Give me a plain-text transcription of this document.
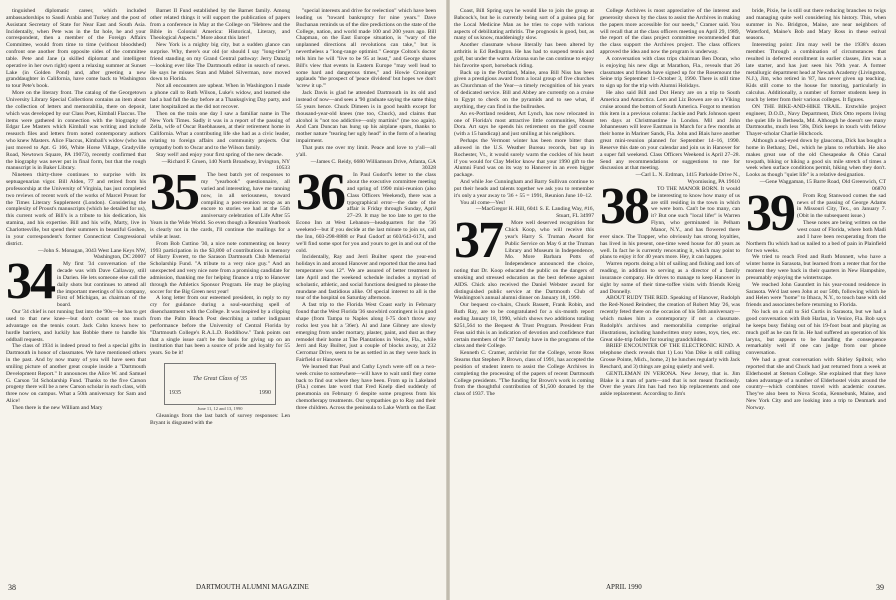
tinguished diplomatic career, which included ambassadorships to Saudi Arabia and Turkey and the post of Assistant Secretary of State for Near East and South Asia. Incidentally, when Pete was in the fat hole, he and your correspondent, then a member of the Foreign Affairs Committee, would from time to time (without bloodshed) confront one another from opposite sides of the committee table. Pete and Jane (a skilled diplomat and intelligent operative in her own right) spent a relaxing summer at Sunset Lake (in Golden Pond) and, after greeting a new granddaughter in California, have come back to Washington to tour Pete's book.

More on the literary front. The catalog of the Georgetown University Library Special Collections contains an item about the collection of letters and memorabilia, there on deposit, which was developed by our Class Poet, Kimball Flaccus. The items were gathered in connection with the biography of Edgar Lee Masters which Kimball was writing and include research files and letters from noted contemporary authors who knew Masters. Alice Flaccus, Kimball's widow (who has just moved to Apt. G 166, White Horse Village, Gradyville Road, Newtown Square, PA 19073), recently confirmed that the biography was never put in final form, but that the rough manuscript is in Baker Library.

Nineteen thirty-three continues to surprise with its septuagenarian vigor. Bill Alden, 77 and retired from his professorship at the University of Virginia, has just completed two reviews of recent work of the works of Marcel Proust for the Times Literary Supplement (London). Considering the complexity of Proust's manuscripts (which he detailed for us), this current work of Bill's is a tribute to his dedication, his stamina, and his expertise. Bill and his wife, Marty, live in Charlottesville, but spend their summers in beautiful Goshen, in your correspondent's former Connecticut Congressional district.

—John S. Monagan, 3043 West Lane Keys NW, Washington, DC 20007

34	My first '34 conversation of the decade was with Dave Callaway, still in Darien. He lets someone else call the daily shots but continues to attend all the important meetings of his company, First of Michigan, as chairman of the board.

Our '34 chief is not running fast into the '90s—he has to get used to that new knee—but don't count on too much advantage on the tennis court. Jack Cohn knows how to hurdle barriers, and luckily has Bobbie there to handle his oddball requests.

The class of 1934 is indeed proud to feel a special gifts in Dartmouth in honor of classmates. We have mentioned others in the past. And by now many of you will have seen that smiling picture of another great couple inside a "Dartmouth Development Report." It announces the Alice W. and Samuel G. Carson '34 Scholarship Fund. Thanks to the five Carson progeny there will be a new Carson scholar in each class, with three now on campus. What a 50th anniversary for Sam and Alice!

Then there is the new William and Mary

Barnet II Fund established by the Barnet family. Among other related things it will support the publication of papers from a conference in May at the College on "Hebrew and the Bible in Colonial America: Historical, Literary, and Theological Aspects." More about this later!

New York is a mighty big city, but a sudden glance can surprise. Why, there's our old (or should I say "long-time") friend standing on my Grand Central pathway: Jerry Danzig—looking ever like The Dartmouth editor in search of news. He says he misses Stan and Mabel Silverman, now moved down to Florida.

Not all encounters are upbeat. When in Washington I made a phone call to Ruth Wilson, Luke's widow, and learned she had a bad fall the day before at a Thanksgiving Day party, and later hospitalized as the did not recover.

Then on the train one day I saw a familiar name in The New York Times. Sadly it was in a report of the passing of Zella, wife of Oscar Ruebhausen, at their retirement home in California. What a contributing life she had as a civic leader, relating to foreign affairs and community projects. Our sympathy both to Oscar and to the Wilson family.

Stay well! and enjoy your first spring of the new decade.

—Richard F. Gruen, 140 North Broadway, Irvington, NY 10533

35	The best batch yet of responses to my "yearbook" questionnaire, all varied and interesting, have me tanning now, in all seriousness, toward compiling a post-reunion recap as an encore to stories we had at the 55th anniversary celebration of Life After 55 Years in the Wide World. So even though a Reunion Yearbook is clearly not in the cards, I'll continue the mailings for a while at least.

From Bob Cuttino '30, a nice note commenting on heavy 1993 participation in the $3,800 of contributions in memory of Harry Everett, to the Sarason Dartmouth Club Memorial Scholarship Fund. "A tribute to a very nice guy." And an unexpected and very nice note from a promising candidate for admission, thanking me for helping finance a trip to Hanover through the Athletics Sponsor Program. He may be playing soccer for the Big Green next year!

A long letter from our esteemed president, in reply to my cry for guidance during a soul-searching spell of disenchantment with the College. It was inspired by a clipping from the Palm Beach Post describing a rather indignant performance before the University of Central Florida by "Dartmouth College's R.A.L.D. Roddihow." Tank points out that a single issue can't be the basis for giving up on an institution that has been a source of pride and loyalty for 55 years. So be it!

The Great Class of '35
1935	1990
June 11, 12 and 13, 1990

Gleanings from the last batch of survey responses: Len Bryant is disgusted with the

"special interests and drive for reelection" which have been leading us "toward bankruptcy for nine years." Dave Buchanan reminds us of the dire predictions on the state of the College, nation, and world made 100 and 200 years ago. Bill Chapman, on the East Europe situation, is "wary of the unplanned directions all revolutions can take," but is nevertheless a "long-range optimist." George Colton's doctor tells him he will "live to be 95 at least," and George shares Bill's view that events in Eastern Europe "may well lead to some hard and dangerous times," and Howie Croninger applauds "the prospect of 'peace dividend' but hopes we don't 'screw it up.'"

Jack Davis is glad he attended Dartmouth in its old and instead of now—and sees a '90 graduate saying the same thing 55 years hence. Chuck Dimeen is in good health except for thousand-year-old knees (me too, Chuck), and claims that alcohol is "not too addictive—only martinis" (me too again). And Cam Duncan has hung up his airplane spurs, thanks to mother nature "tearing her ugly head" in the form of a hearing impairment.

That puts me over my limit. Peace and love to y'all—all y'all.

—James C. Reidy, 6680 Williamson Drive, Atlanta, GA 30328

36	In Paul Gudorf's letter to the class about the executive committee meeting and spring of 1990 mini-reunion (also Class Officers Weekend), there was a typographical error—the date of the affair is Friday through Sunday, April 27–29. It may be too late to get to the Econo Inn at West Lebanon—headquarters for the '36 weekend—but if you decide at the last minute to join us, call the Inn, 603-298-8888 or Paul Gudorf at 603/643-6174, and we'll find some spot for you and yours to get in and out of the cold.

Incidentally, Ray and Jerri Builter spent the year-end holidays in and around Hanover and reported that the area had temperature was 12°. We are assured of better treatment in late April and the weekend schedule includes a myriad of scholastic, athletic, and social functions designed to please the mundane and fastidious alike. Of special interest to all is the tour of the hospital on Saturday afternoon.

A fast trip to the Florida West Coast early in February found that the West Florida '36 snowbird contingent is in good shape (from Tampa to Naples along I-75 don't throw any rocks lest you hit a '36er). Al and Jane Gibney are slowly emerging from under mortary, plaster, paint, and dust as they remodel their home at The Plantations in Venice, Fla., while Jerri and Ray Builter, just a couple of blocks away, at 232 Cerromar Drive, seem to be as settled in as they were back in Fairfield or Hanover.

We learned that Paul and Cathy Lynch were off on a two-week cruise to somewhere—will have to wait until they come back to find out where they have been. From up in Lakeland (Fla.) comes late word that Fred Knelp died suddenly of pneumonia on February 6 despite some progress from his chemotherapy treatments. Our sympathies go to Ray and their three children. Across the peninsula to Lake Worth on the East

38	DARTMOUTH ALUMNI MAGAZINE

Coast, Bill Spring says he would like to join the group at Babcock's, but he is currently being sort of a guinea pig for the Local Medicine Man as he tries to cope with various aspects of debilitating arthritis. The prognosis is good, but, as many of us know, maddeningly slow.

Another classmate whose literally has been altered by arthritis is Ed Redington. He has had to suspend tennis and golf, but under the warm Arizona sun he can continue to enjoy his favorite sport, horseback riding.

Back up in the Portland, Maine, area Bill Niss has been given a prestigious award from a local group of five churches as Churchman of the Year—a timely recognition of his years of dedicated service. Bill and Abbey are currently on a cruise to Egypt to check on the pyramids and to see what, if anything, they can find in the bullrushes.

An ex-Portland resident, Art Lynch, has now relocated in one of Florida's most attractive little communities, Mount Dora. Art says he spends his retirement on the golf course (with a 15 handicap) and just smiling at his neighbors.

Perhaps the Vermont winter has been more bitter than allowed in the U.S. Weather Bureau records, but up in Rochester, Vt., it would surely warm the cockles of his heart if you would for Clay Mellor know that your 1990 gift to the Alumni Fund was on its way to Hanover in an even bigger package.

And while Joe Cunningham and Barry Sullivan continue to put their heads and talents together we ask you to remember it's only a year away to '36 + 55 = 1991, Reunion June 10–12.

You all come—Yes!

—MacGregor H. Hill, 6041 S. E. Landing Way, #16, Stuart, FL 34997

37	More well deserved recognition for Chick Koop, who will receive this year's Harry S. Truman Award for Public Service on May 6 at the Truman Library and Museum in Independence, Mo. More Barbara Potts of Independence announced the choice, noting that Dr. Koop educated the public on the dangers of smoking and stressed education as the best defense against AIDS. Chick also received the Daniel Webster award for distinguished public service at the Dartmouth Club of Washington's annual alumni dinner on January 18, 1990.

Our bequest co-chairs, Chuck Bassett, Frank Robin, and Ruth Ray, are to be congratulated for a six-month report ending January 18, 1990, which shows two additions totaling $251,564 to the Bequest & Trust Program. President Fran Feas said this is an indication of devotion and confidence that certain members of the '37 family have in the programs of the class and their College.

Kenneth C. Cramer, archivist for the College, wrote Ross Stearns that Stephen P. Brown, class of 1991, has accepted the position of student intern to assist the College Archives in completing the processing of the papers of recent Dartmouth College presidents. "The funding for Brown's work is coming from the thoughtful contribution of $1,500 donated by the class of 1937. The

College Archives is most appreciative of the interest and generosity shown by the class to assist the Archives in making the papers more accessible for our needs," Cramer said. You will recall that at the class officers meeting on April 29, 1989, the report of the class project committee recommended that the class support the Archives project. The class officers approved the idea and now the program is underway.

A conversation with class trips chairman Ben Doran, who is enjoying his new digs at Marathon, Fla., reveals that 26 classmates and friends have signed up for the Rosemount the Seine trip September 11–October 3, 1990. There is still time to sign up for the trip with Alumni Holidays.

He also said Bill and Dot Henry are on a trip to South America and Antarctica. Lem and Liz Bowen are on a Viking cruise around the bottom of South America. Forgot to mention this item in a previous column: Jackie and Park Johnson spent ten days at Christmastime in London. Mil and John Johannessen will leave Eastman in March for a few months at their home in Mariner Sands, Fla. John and Blais have another great mini-reunion planned for September 14–16, 1990. Reserve this date on your calendar and join us in Hanover for a super fall weekend. Class Officers Weekend is April 27–28. Send any recommendations or suggestions to me for discussion at that meeting.

—Carl L. N. Erdman, 1415 Parkside Drive N., Wyomissing, PA 19610

38	TO THE MANOR BORN. It would be interesting to know how many of us are still residing in the town in which we were born. Can't be too many, can it? But one such "local lifer" is Warren Flynn, who germinated in Pelham Manor, N.Y., and has flowered there ever since. The Trapper, who obviously has strong loyalties, has lived in his present, one-time weed house for 40 years as well. In fact he is currently renovating it, which may point to plans to enjoy it for 40 years more. Hey, it can happen.

Warren reports doing a bit of sailing and fishing and lots of reading, in addition to serving as a director of a family insurance company. He drives to manage to keep Hanover in sight by some of their time-toffee visits with friends Kreig and Donnelly.

ABOUT RUDY THE RED. Speaking of Hanover, Rudolph the Red-Nosed Reindeer, the creation of Robert May '26, was recently feted there on the occasion of his 50th anniversary—which makes him a contemporary if not a classmate. Rudolph's archives and memorabilia comprise original illustrations, including handwritten story notes, toys, ties, etc. Great side-trip fodder for touring grandchildren.

BRIEF ENCOUNTER OF THE ELECTRONIC KIND. A telephone check reveals that 1) Lou Van Dike is still calling Grosse Pointe, Mich., home, 2) he lunches regularly with Jack Reschard, and 3) things are going quietly and well.

GENTLEMAN IN VERONA. New Jersey, that is. Jim Blake is a man of parts—and that is not meant fractiously. Over the years Jim has had two hip replacements and one ankle replacement. According to Jim's

bride, Pixie, he is still out there reducing branches to twigs and managing quite well considering his history. This, when summer in No. Bridgton, Maine, are near neighbors of Waterford, Maine's Bob and Mary Ross in these estival seasons.

Interesting point: Jim may well be the 1938's dozen member. Through a combination of circumstances that resulted in deferred enrollment in earlier classes, Jim was a late starter, and has just seen his 76th year. A former metallurgic department head at Newark Academy (Livingston, N.J.), Jim, who retired in '87, has never given up teaching. Kids still come to the house for tutoring, particularly in calculus. Additionally, a number of former students keep in touch by letter from their various colleges. It figures.

ON THE BIKE-AND-HIKE TRAIL. Erstwhile project engineer, D.O.D., Navy Department, Dick Otto reports living the quiet life in Bethesda, Md. Although he doesn't see many Dartmouths, much less '38s, Dick keeps in touch with fellow Thayer-scholar Charlie Hitchcock.

Although a sad-eyed down by glaucoma, Dick has bought a home in Bethany, Del., which he plans to refurbish. He also makes great use of the old Chesapeake & Ohio Canal towpath, biking or hiking a good six mile stretch of times a week when surface conditions permit, hiking when they don't. Looks as though "quiet life" is a relative designation.

—Gene Waggaman, 15 Barre Road, Old Greenwich, CT 06870

39	From Rog Stanwood comes the sad news of the passing of George Adams in Missouri City, Tex., on January 7. (Obit in the subsequent issue.)

These notes are being written on the west coast of Florida, where both Madi and I have been recuperating from the Northern flu which had us nailed to a bed of pain in Plainfield for two weeks.

We tried to reach Fred and Ruth Monnett, who have a winter home in Sarasota, but learned from a renter that for the moment they were back in their quarters in New Hampshire, presumably enjoying the wintertscape.

We reached John Gauntlett in his year-round residence in Sarasota. We'd last seen John at our 50th, following which he and Helen were "home" to Ithaca, N.Y., to touch base with old friends and associates before returning to Florida.

No luck on a call to Sid Curtis in Sarasota, but we had a good conversation with Bob Harlan, in Venice, Fla. Bob says he keeps busy fishing out of his 19-foot boat and playing as much golf as he can fit in. He had suffered an operation of his larynx, but appears to be handling the consequence remarkably well if one can judge from our phone conversation.

We had a great conversation with Shirley Spiltoir, who reported that she and Chuck had just returned from a week at Elderhostel at Stetson College. She explained that they have taken advantage of a number of Elderhostel visits around the country—which combines travel with academic courses. They've also been to Nova Scotia, Kennebunk, Maine, and New York City and are looking into a trip to Denmark and Norway.

APRIL 1990	39
